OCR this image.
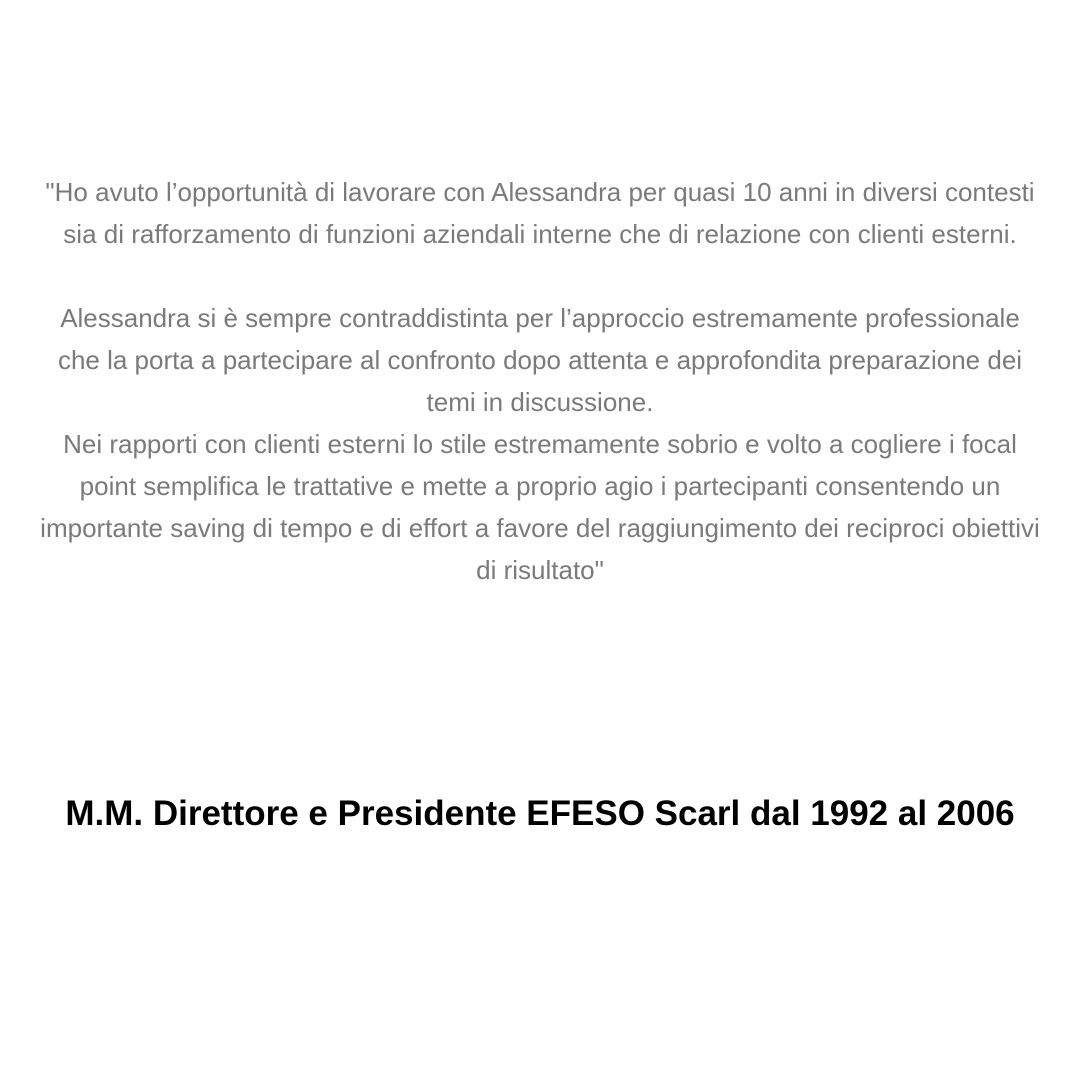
"Ho avuto l’opportunità di lavorare con Alessandra per quasi 10 anni in diversi contesti sia di rafforzamento di funzioni aziendali interne che di relazione con clienti esterni.

Alessandra si è sempre contraddistinta per l’approccio estremamente professionale che la porta a partecipare al confronto dopo attenta e approfondita preparazione dei temi in discussione.

Nei rapporti con clienti esterni lo stile estremamente sobrio e volto a cogliere i focal point semplifica le trattative e mette a proprio agio i partecipanti consentendo un importante saving di tempo e di effort a favore del raggiungimento dei reciproci obiettivi di risultato"

M.M. Direttore e Presidente EFESO Scarl dal 1992 al 2006
